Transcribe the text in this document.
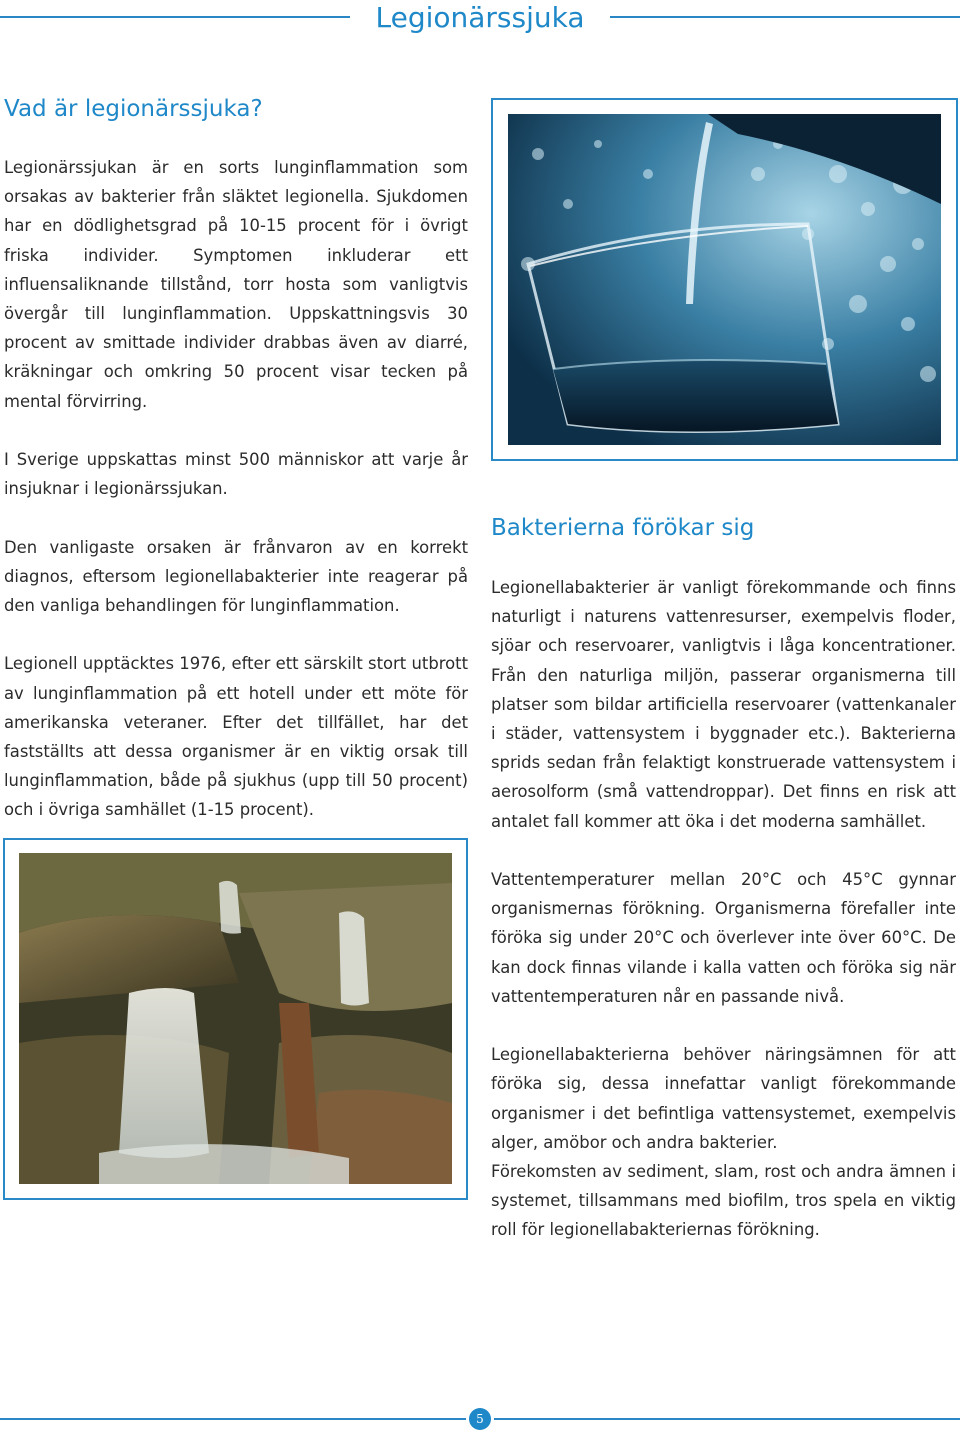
Legionärssjuka
Vad är legionärssjuka?

Legionärssjukan är en sorts lunginflammation som orsakas av bakterier från släktet legionella. Sjukdomen har en dödlighetsgrad på 10-15 procent för i övrigt friska individer. Symptomen inkluderar ett influensaliknande tillstånd, torr hosta som vanligtvis övergår till lunginflammation. Uppskattningsvis 30 procent av smittade individer drabbas även av diarré, kräkningar och omkring 50 procent visar tecken på mental förvirring.

I Sverige uppskattas minst 500 människor att varje år insjuknar i legionärssjukan.

Den vanligaste orsaken är frånvaron av en korrekt diagnos, eftersom legionellabakterier inte reagerar på den vanliga behandlingen för lunginflammation.

Legionell upptäcktes 1976, efter ett särskilt stort utbrott av lunginflammation på ett hotell under ett möte för amerikanska veteraner. Efter det tillfället, har det fastställts att dessa organismer är en viktig orsak till lunginflammation, både på sjukhus (upp till 50 procent) och i övriga samhället (1-15 procent).

Bakterierna förökar sig

Legionellabakterier är vanligt förekommande och finns naturligt i naturens vattenresurser, exempelvis floder, sjöar och reservoarer, vanligtvis i låga koncentrationer. Från den naturliga miljön, passerar organismerna till platser som bildar artificiella reservoarer (vattenkanaler i städer, vattensystem i byggnader etc.). Bakterierna sprids sedan från felaktigt konstruerade vattensystem i aerosolform (små vattendroppar). Det finns en risk att antalet fall kommer att öka i det moderna samhället.

Vattentemperaturer mellan 20°C och 45°C gynnar organismernas förökning. Organismerna förefaller inte föröka sig under 20°C och överlever inte över 60°C. De kan dock finnas vilande i kalla vatten och föröka sig när vattentemperaturen når en passande nivå.

Legionellabakterierna behöver näringsämnen för att föröka sig, dessa innefattar vanligt förekommande organismer i det befintliga vattensystemet, exempelvis alger, amöbor och andra bakterier.

Förekomsten av sediment, slam, rost och andra ämnen i systemet, tillsammans med biofilm, tros spela en viktig roll för legionellabakteriernas förökning.

5
